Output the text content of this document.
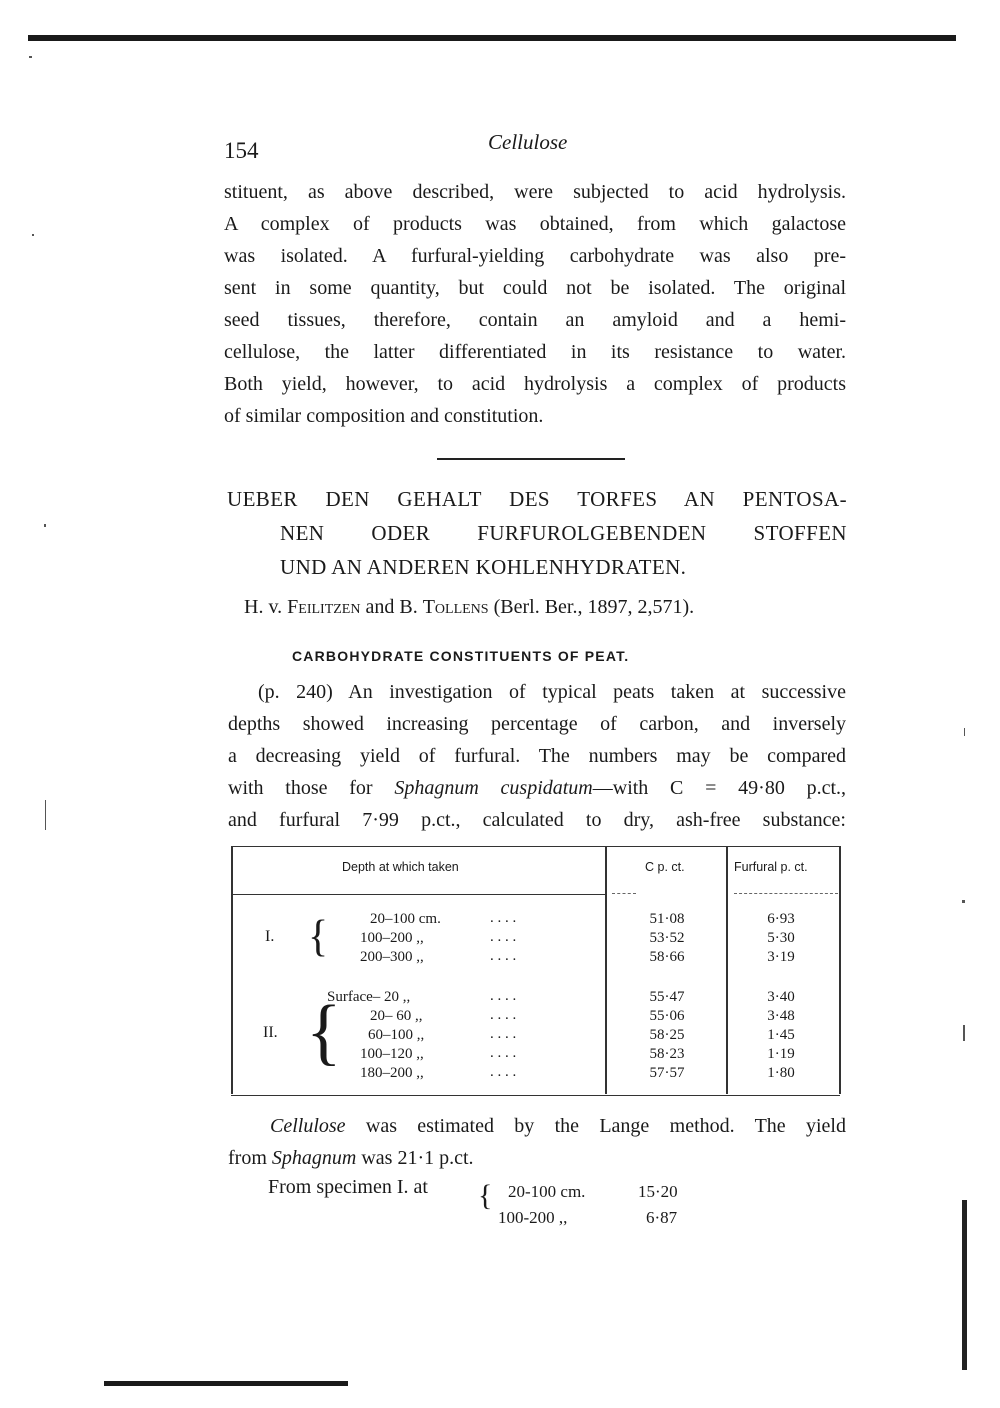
154	Cellulose
stituent, as above described, were subjected to acid hydrolysis.
A complex of products was obtained, from which galactose
was isolated. A furfural-yielding carbohydrate was also pre-
sent in some quantity, but could not be isolated. The original
seed tissues, therefore, contain an amyloid and a hemi-
cellulose, the latter differentiated in its resistance to water.
Both yield, however, to acid hydrolysis a complex of products
of similar composition and constitution.
UEBER DEN GEHALT DES TORFES AN PENTOSA-
NEN ODER FURFUROLGEBENDEN STOFFEN
UND AN ANDEREN KOHLENHYDRATEN.
H. v. Feilitzen and B. Tollens (Berl. Ber., 1897, 2,571).
CARBOHYDRATE CONSTITUENTS OF PEAT.
(p. 240) An investigation of typical peats taken at successive
depths showed increasing percentage of carbon, and inversely
a decreasing yield of furfural. The numbers may be compared
with those for Sphagnum cuspidatum—with C = 49·80 p.ct.,
and furfural 7·99 p.ct., calculated to dry, ash-free substance:
Depth at which taken	C p. ct.	Furfural p. ct.
I. {	20–100 cm.	. . . .	51·08	6·93
100–200 ,,	. . . .	53·52	5·30
200–300 ,,	. . . .	58·66	3·19
II. {
Surface– 20 ,,	. . . .	55·47	3·40
20– 60 ,,	. . . .	55·06	3·48
60–100 ,,	. . . .	58·25	1·45
100–120 ,,	. . . .	58·23	1·19
180–200 ,,	. . . .	57·57	1·80
Cellulose was estimated by the Lange method. The yield
from Sphagnum was 21·1 p.ct.
From specimen I. at { 20-100 cm.	15·20
100-200 ,,	6·87
